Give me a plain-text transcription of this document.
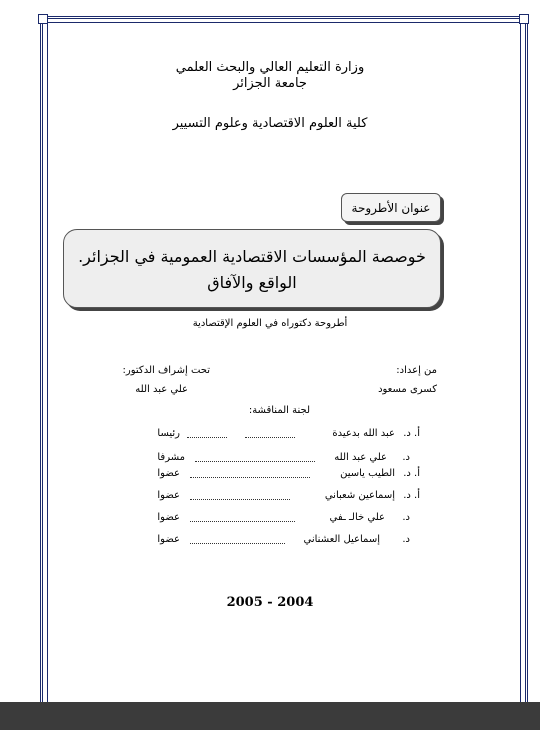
وزارة التعليم العالي والبحث العلمي
جامعة الجزائر
كلية العلوم الاقتصادية وعلوم التسيير
عنوان الأطروحة
خوصصة المؤسسات الاقتصادية العمومية في الجزائر.
الواقع والآفاق
أطروحة دكتوراه في العلوم الإقتصادية
من إعداد:
كسرى مسعود
تحت إشراف الدكتور:
علي عبد الله
لجنة المناقشة:
أ. د.
عبد الله بدعيدة
رئيسا
د.
علي عبد الله
مشرفا
أ. د.
الطيب ياسين
عضوا
أ. د.
إسماعين شعباني
عضوا
د.
علي خالـ ـفي
عضوا
د.
إسماعيل العشناني
عضوا
2005 - 2004
